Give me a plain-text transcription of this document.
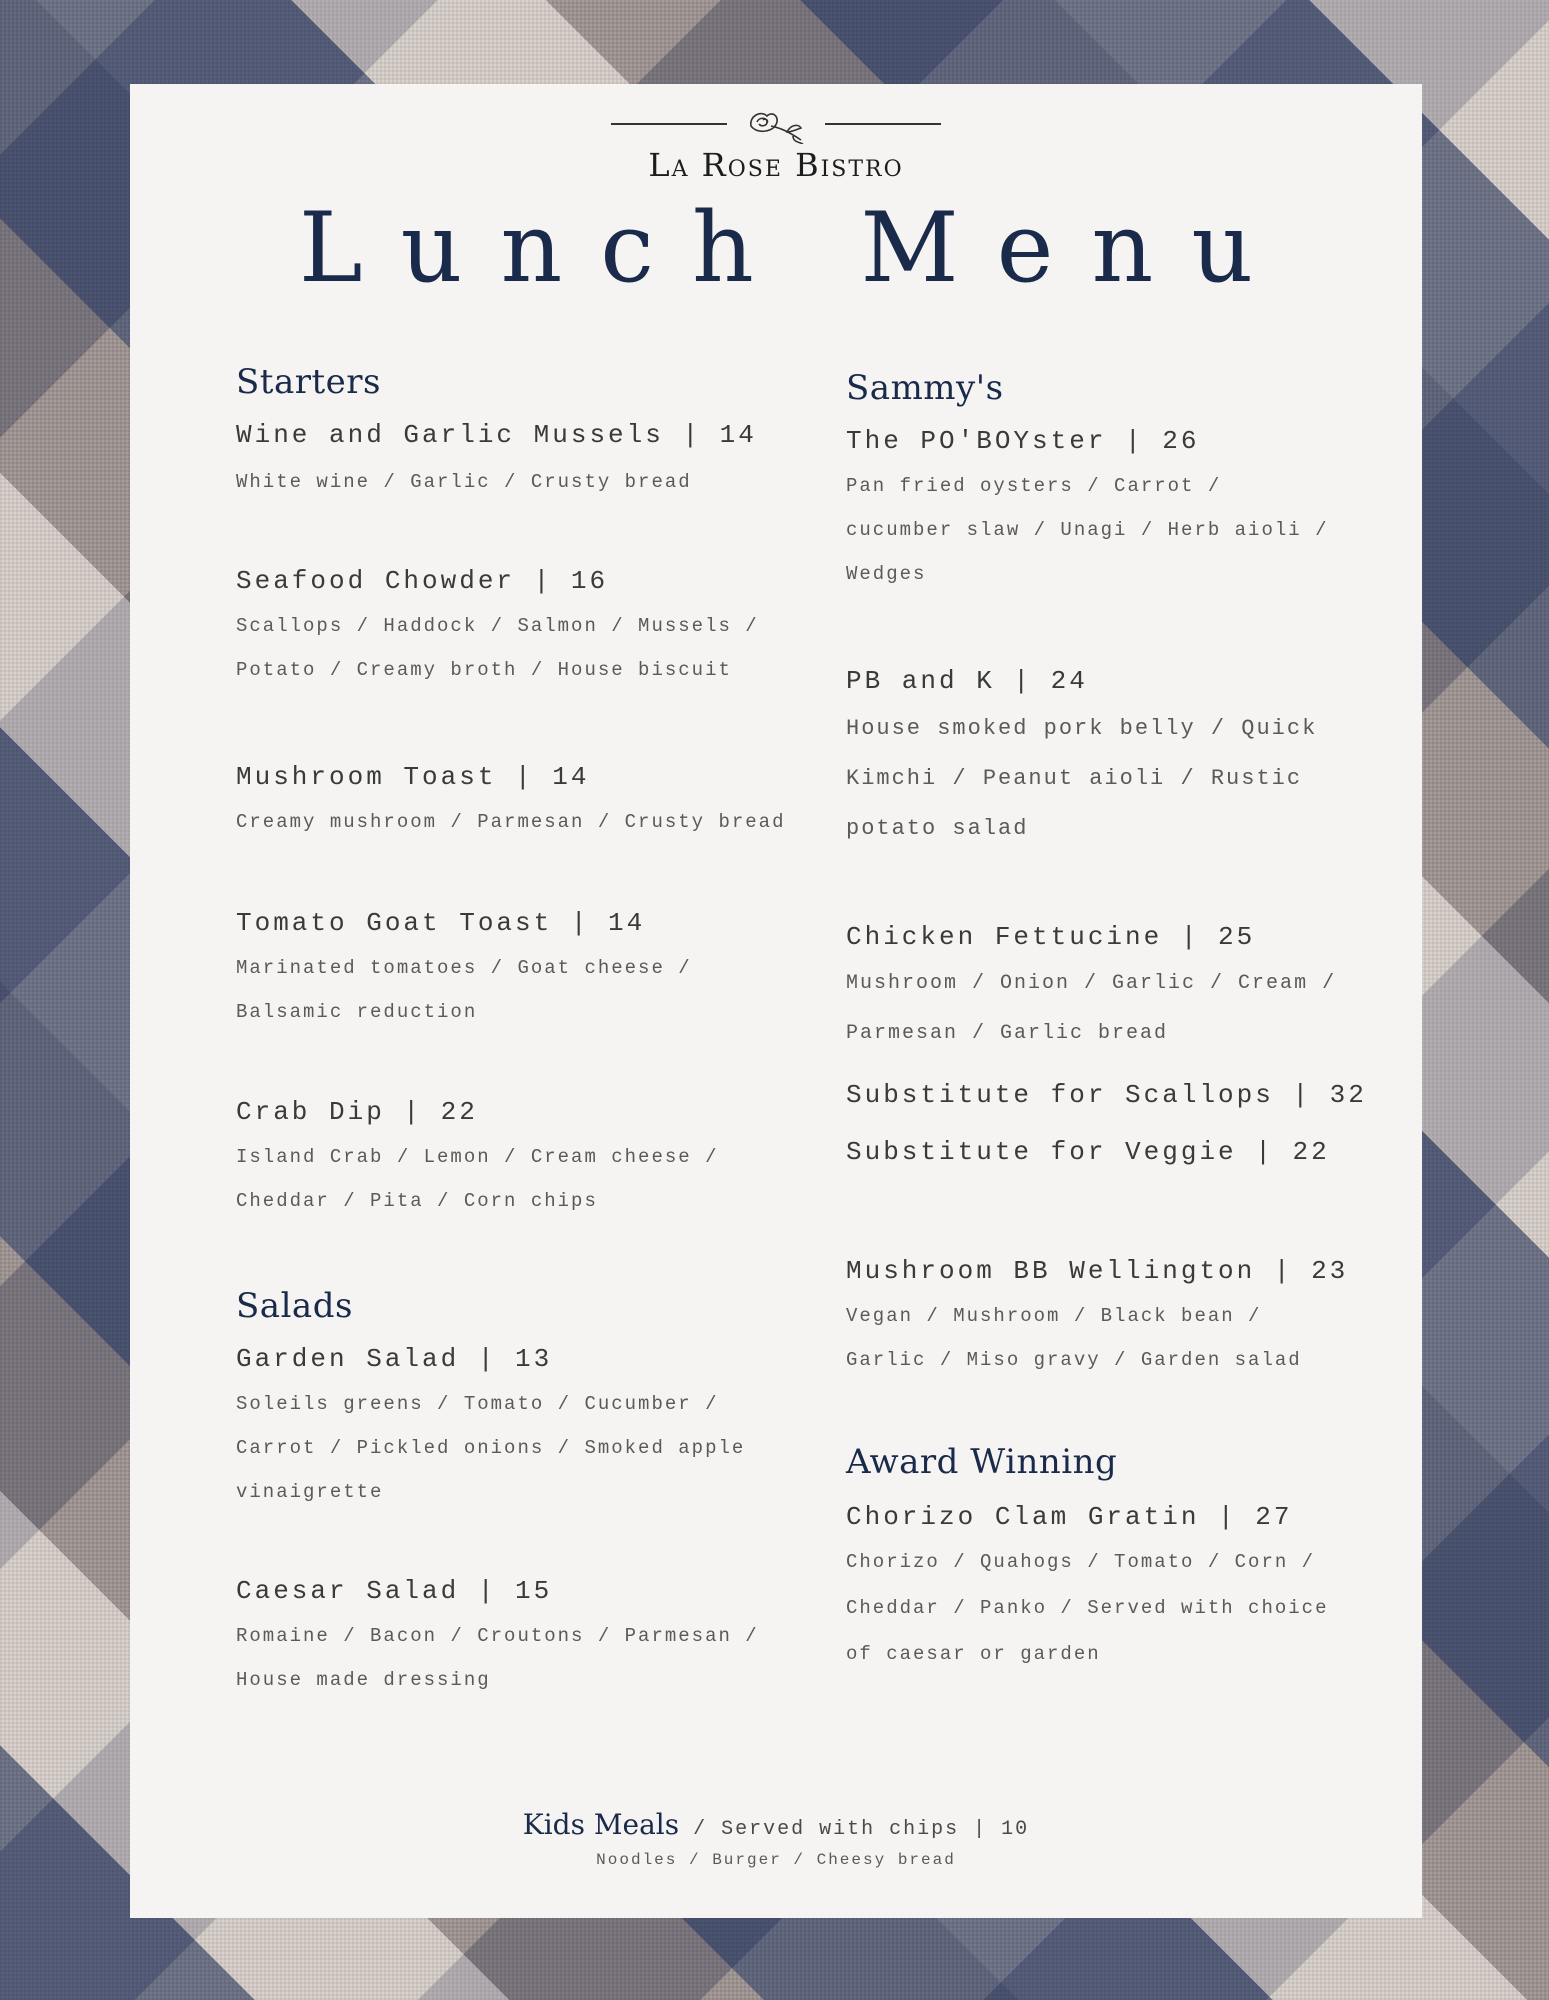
La Rose Bistro
Lunch Menu
Starters
Wine and Garlic Mussels | 14
White wine / Garlic / Crusty bread
Seafood Chowder | 16
Scallops / Haddock / Salmon / Mussels /
Potato / Creamy broth / House biscuit
Mushroom Toast | 14
Creamy mushroom / Parmesan / Crusty bread
Tomato Goat Toast | 14
Marinated tomatoes / Goat cheese /
Balsamic reduction
Crab Dip | 22
Island Crab / Lemon / Cream cheese /
Cheddar / Pita / Corn chips
Salads
Garden Salad | 13
Soleils greens / Tomato / Cucumber /
Carrot / Pickled onions / Smoked apple
vinaigrette
Caesar Salad | 15
Romaine / Bacon / Croutons / Parmesan /
House made dressing
Sammy's
The PO'BOYster | 26
Pan fried oysters / Carrot /
cucumber slaw / Unagi / Herb aioli /
Wedges
PB and K | 24
House smoked pork belly / Quick
Kimchi / Peanut aioli / Rustic
potato salad
Chicken Fettucine | 25
Mushroom / Onion / Garlic / Cream /
Parmesan / Garlic bread
Substitute for Scallops | 32
Substitute for Veggie | 22
Mushroom BB Wellington | 23
Vegan / Mushroom / Black bean /
Garlic / Miso gravy / Garden salad
Award Winning
Chorizo Clam Gratin | 27
Chorizo / Quahogs / Tomato / Corn /
Cheddar / Panko / Served with choice
of caesar or garden
Kids Meals / Served with chips | 10
Noodles / Burger / Cheesy bread
